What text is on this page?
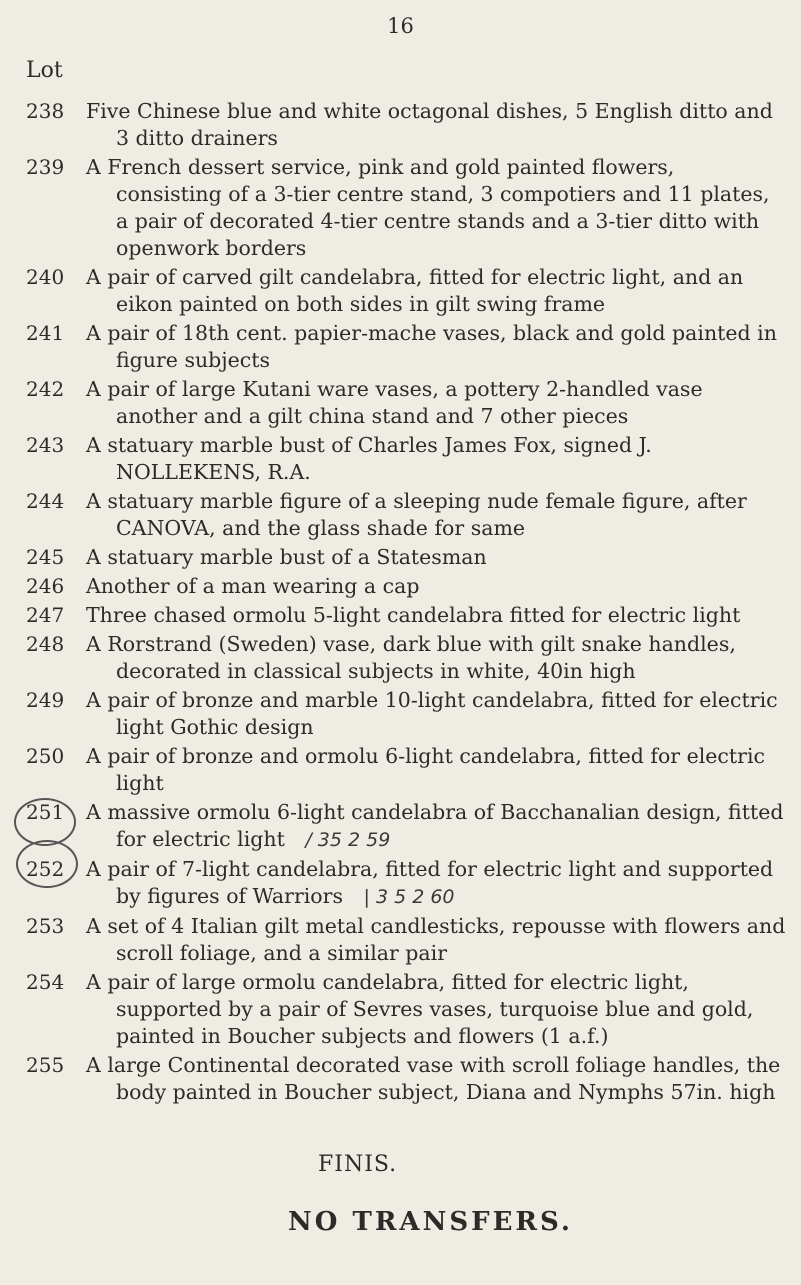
16
Lot
238	Five Chinese blue and white octagonal dishes, 5 English ditto and 3 ditto drainers
239	A French dessert service, pink and gold painted flowers, consisting of a 3-tier centre stand, 3 compotiers and 11 plates, a pair of decorated 4-tier centre stands and a 3-tier ditto with openwork borders
240	A pair of carved gilt candelabra, fitted for electric light, and an eikon painted on both sides in gilt swing frame
241	A pair of 18th cent. papier-mache vases, black and gold painted in figure subjects
242	A pair of large Kutani ware vases, a pottery 2-handled vase another and a gilt china stand and 7 other pieces
243	A statuary marble bust of Charles James Fox, signed J. NOLLEKENS, R.A.
244	A statuary marble figure of a sleeping nude female figure, after CANOVA, and the glass shade for same
245	A statuary marble bust of a Statesman
246	Another of a man wearing a cap
247	Three chased ormolu 5-light candelabra fitted for electric light
248	A Rorstrand (Sweden) vase, dark blue with gilt snake handles, decorated in classical subjects in white, 40in high
249	A pair of bronze and marble 10-light candelabra, fitted for electric light Gothic design
250	A pair of bronze and ormolu 6-light candelabra, fitted for electric light
251	A massive ormolu 6-light candelabra of Bacchanalian design, fitted for electric light / 35 2 59
252	A pair of 7-light candelabra, fitted for electric light and supported by figures of Warriors | 3 5 2 60
253	A set of 4 Italian gilt metal candlesticks, repousse with flowers and scroll foliage, and a similar pair
254	A pair of large ormolu candelabra, fitted for electric light, supported by a pair of Sevres vases, turquoise blue and gold, painted in Boucher subjects and flowers (1 a.f.)
255	A large Continental decorated vase with scroll foliage handles, the body painted in Boucher subject, Diana and Nymphs 57in. high
FINIS.
NO TRANSFERS.
